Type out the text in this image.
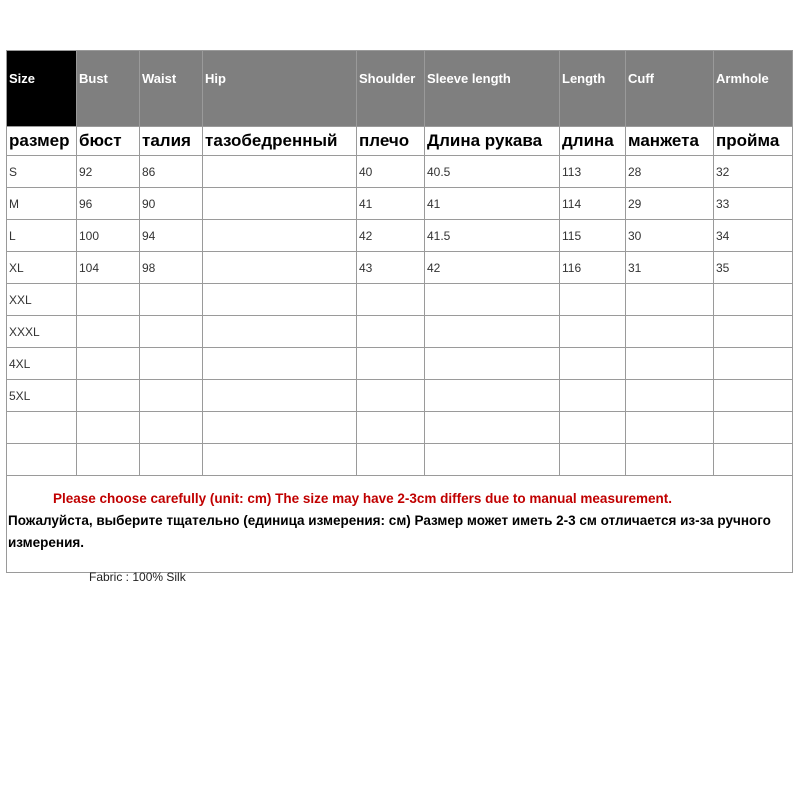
Size	Bust	Waist	Hip	Shoulder	Sleeve length	Length	Cuff	Armhole
размер	бюст	талия	тазобедренный	плечо	Длина рукава	длина	манжета	пройма
S	92	86		40	40.5	113	28	32
M	96	90		41	41	114	29	33
L	100	94		42	41.5	115	30	34
XL	104	98		43	42	116	31	35
XXL								
XXXL								
4XL								
5XL								

Please choose carefully (unit: cm) The size may have 2-3cm differs due to manual measurement.
Пожалуйста, выберите тщательно (единица измерения: см) Размер может иметь 2-3 см отличается из-за ручного измерения.								
Fabric : 100% Silk
